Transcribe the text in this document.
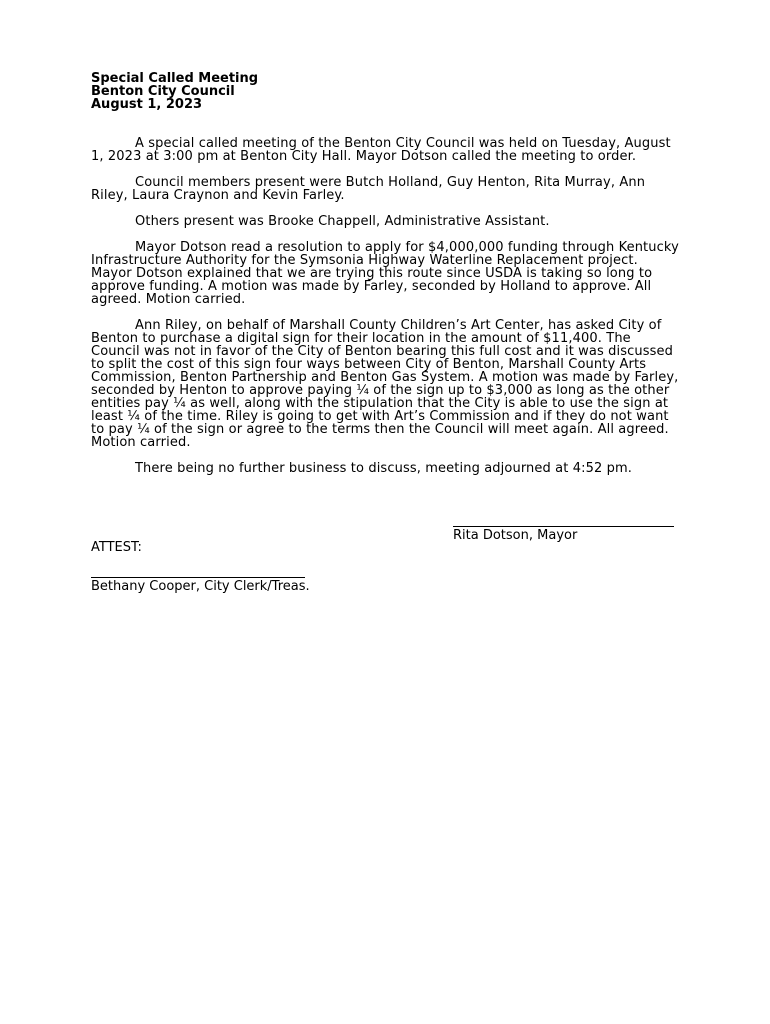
Special Called Meeting
Benton City Council
August 1, 2023

A special called meeting of the Benton City Council was held on Tuesday, August 1, 2023 at 3:00 pm at Benton City Hall. Mayor Dotson called the meeting to order.

Council members present were Butch Holland, Guy Henton, Rita Murray, Ann Riley, Laura Craynon and Kevin Farley.

Others present was Brooke Chappell, Administrative Assistant.

Mayor Dotson read a resolution to apply for $4,000,000 funding through Kentucky Infrastructure Authority for the Symsonia Highway Waterline Replacement project. Mayor Dotson explained that we are trying this route since USDA is taking so long to approve funding. A motion was made by Farley, seconded by Holland to approve. All agreed. Motion carried.

Ann Riley, on behalf of Marshall County Children’s Art Center, has asked City of Benton to purchase a digital sign for their location in the amount of $11,400. The Council was not in favor of the City of Benton bearing this full cost and it was discussed to split the cost of this sign four ways between City of Benton, Marshall County Arts Commission, Benton Partnership and Benton Gas System. A motion was made by Farley, seconded by Henton to approve paying ¼ of the sign up to $3,000 as long as the other entities pay ¼ as well, along with the stipulation that the City is able to use the sign at least ¼ of the time. Riley is going to get with Art’s Commission and if they do not want to pay ¼ of the sign or agree to the terms then the Council will meet again. All agreed. Motion carried.

There being no further business to discuss, meeting adjourned at 4:52 pm.

Rita Dotson, Mayor
ATTEST:
Bethany Cooper, City Clerk/Treas.
